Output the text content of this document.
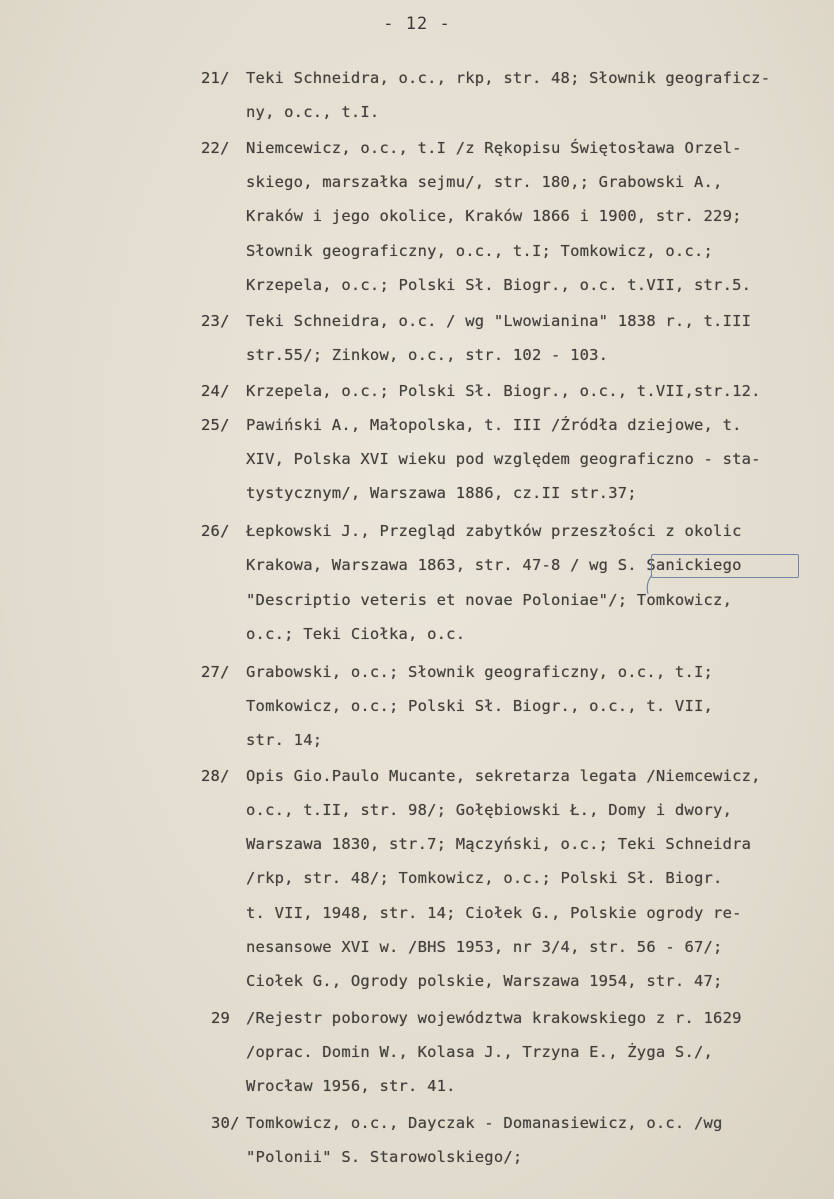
- 12 -
21/ Teki Schneidra, o.c., rkp, str. 48; Słownik geograficz-
ny, o.c., t.I.
22/ Niemcewicz, o.c., t.I /z Rękopisu Świętosława Orzel-
skiego, marszałka sejmu/, str. 180,; Grabowski A.,
Kraków i jego okolice, Kraków 1866 i 1900, str. 229;
Słownik geograficzny, o.c., t.I; Tomkowicz, o.c.;
Krzepela, o.c.; Polski Sł. Biogr., o.c. t.VII, str.5.
23/ Teki Schneidra, o.c. / wg "Lwowianina" 1838 r., t.III
str.55/; Zinkow, o.c., str. 102 - 103.
24/ Krzepela, o.c.; Polski Sł. Biogr., o.c., t.VII,str.12.
25/ Pawiński A., Małopolska, t. III /Źródła dziejowe, t.
XIV, Polska XVI wieku pod względem geograficzno - sta-
tystycznym/, Warszawa 1886, cz.II str.37;
26/ Łepkowski J., Przegląd zabytków przeszłości z okolic
Krakowa, Warszawa 1863, str. 47-8 / wg S. Sanickiego
"Descriptio veteris et novae Poloniae"/; Tomkowicz,
o.c.; Teki Ciołka, o.c.
27/ Grabowski, o.c.; Słownik geograficzny, o.c., t.I;
Tomkowicz, o.c.; Polski Sł. Biogr., o.c., t. VII,
str. 14;
28/ Opis Gio.Paulo Mucante, sekretarza legata /Niemcewicz,
o.c., t.II, str. 98/; Gołębiowski Ł., Domy i dwory,
Warszawa 1830, str.7; Mączyński, o.c.; Teki Schneidra
/rkp, str. 48/; Tomkowicz, o.c.; Polski Sł. Biogr.
t. VII, 1948, str. 14; Ciołek G., Polskie ogrody re-
nesansowe XVI w. /BHS 1953, nr 3/4, str. 56 - 67/;
Ciołek G., Ogrody polskie, Warszawa 1954, str. 47;
29 /Rejestr poborowy województwa krakowskiego z r. 1629
/oprac. Domin W., Kolasa J., Trzyna E., Żyga S./,
Wrocław 1956, str. 41.
30/ Tomkowicz, o.c., Dayczak - Domanasiewicz, o.c. /wg
"Polonii" S. Starowolskiego/;
